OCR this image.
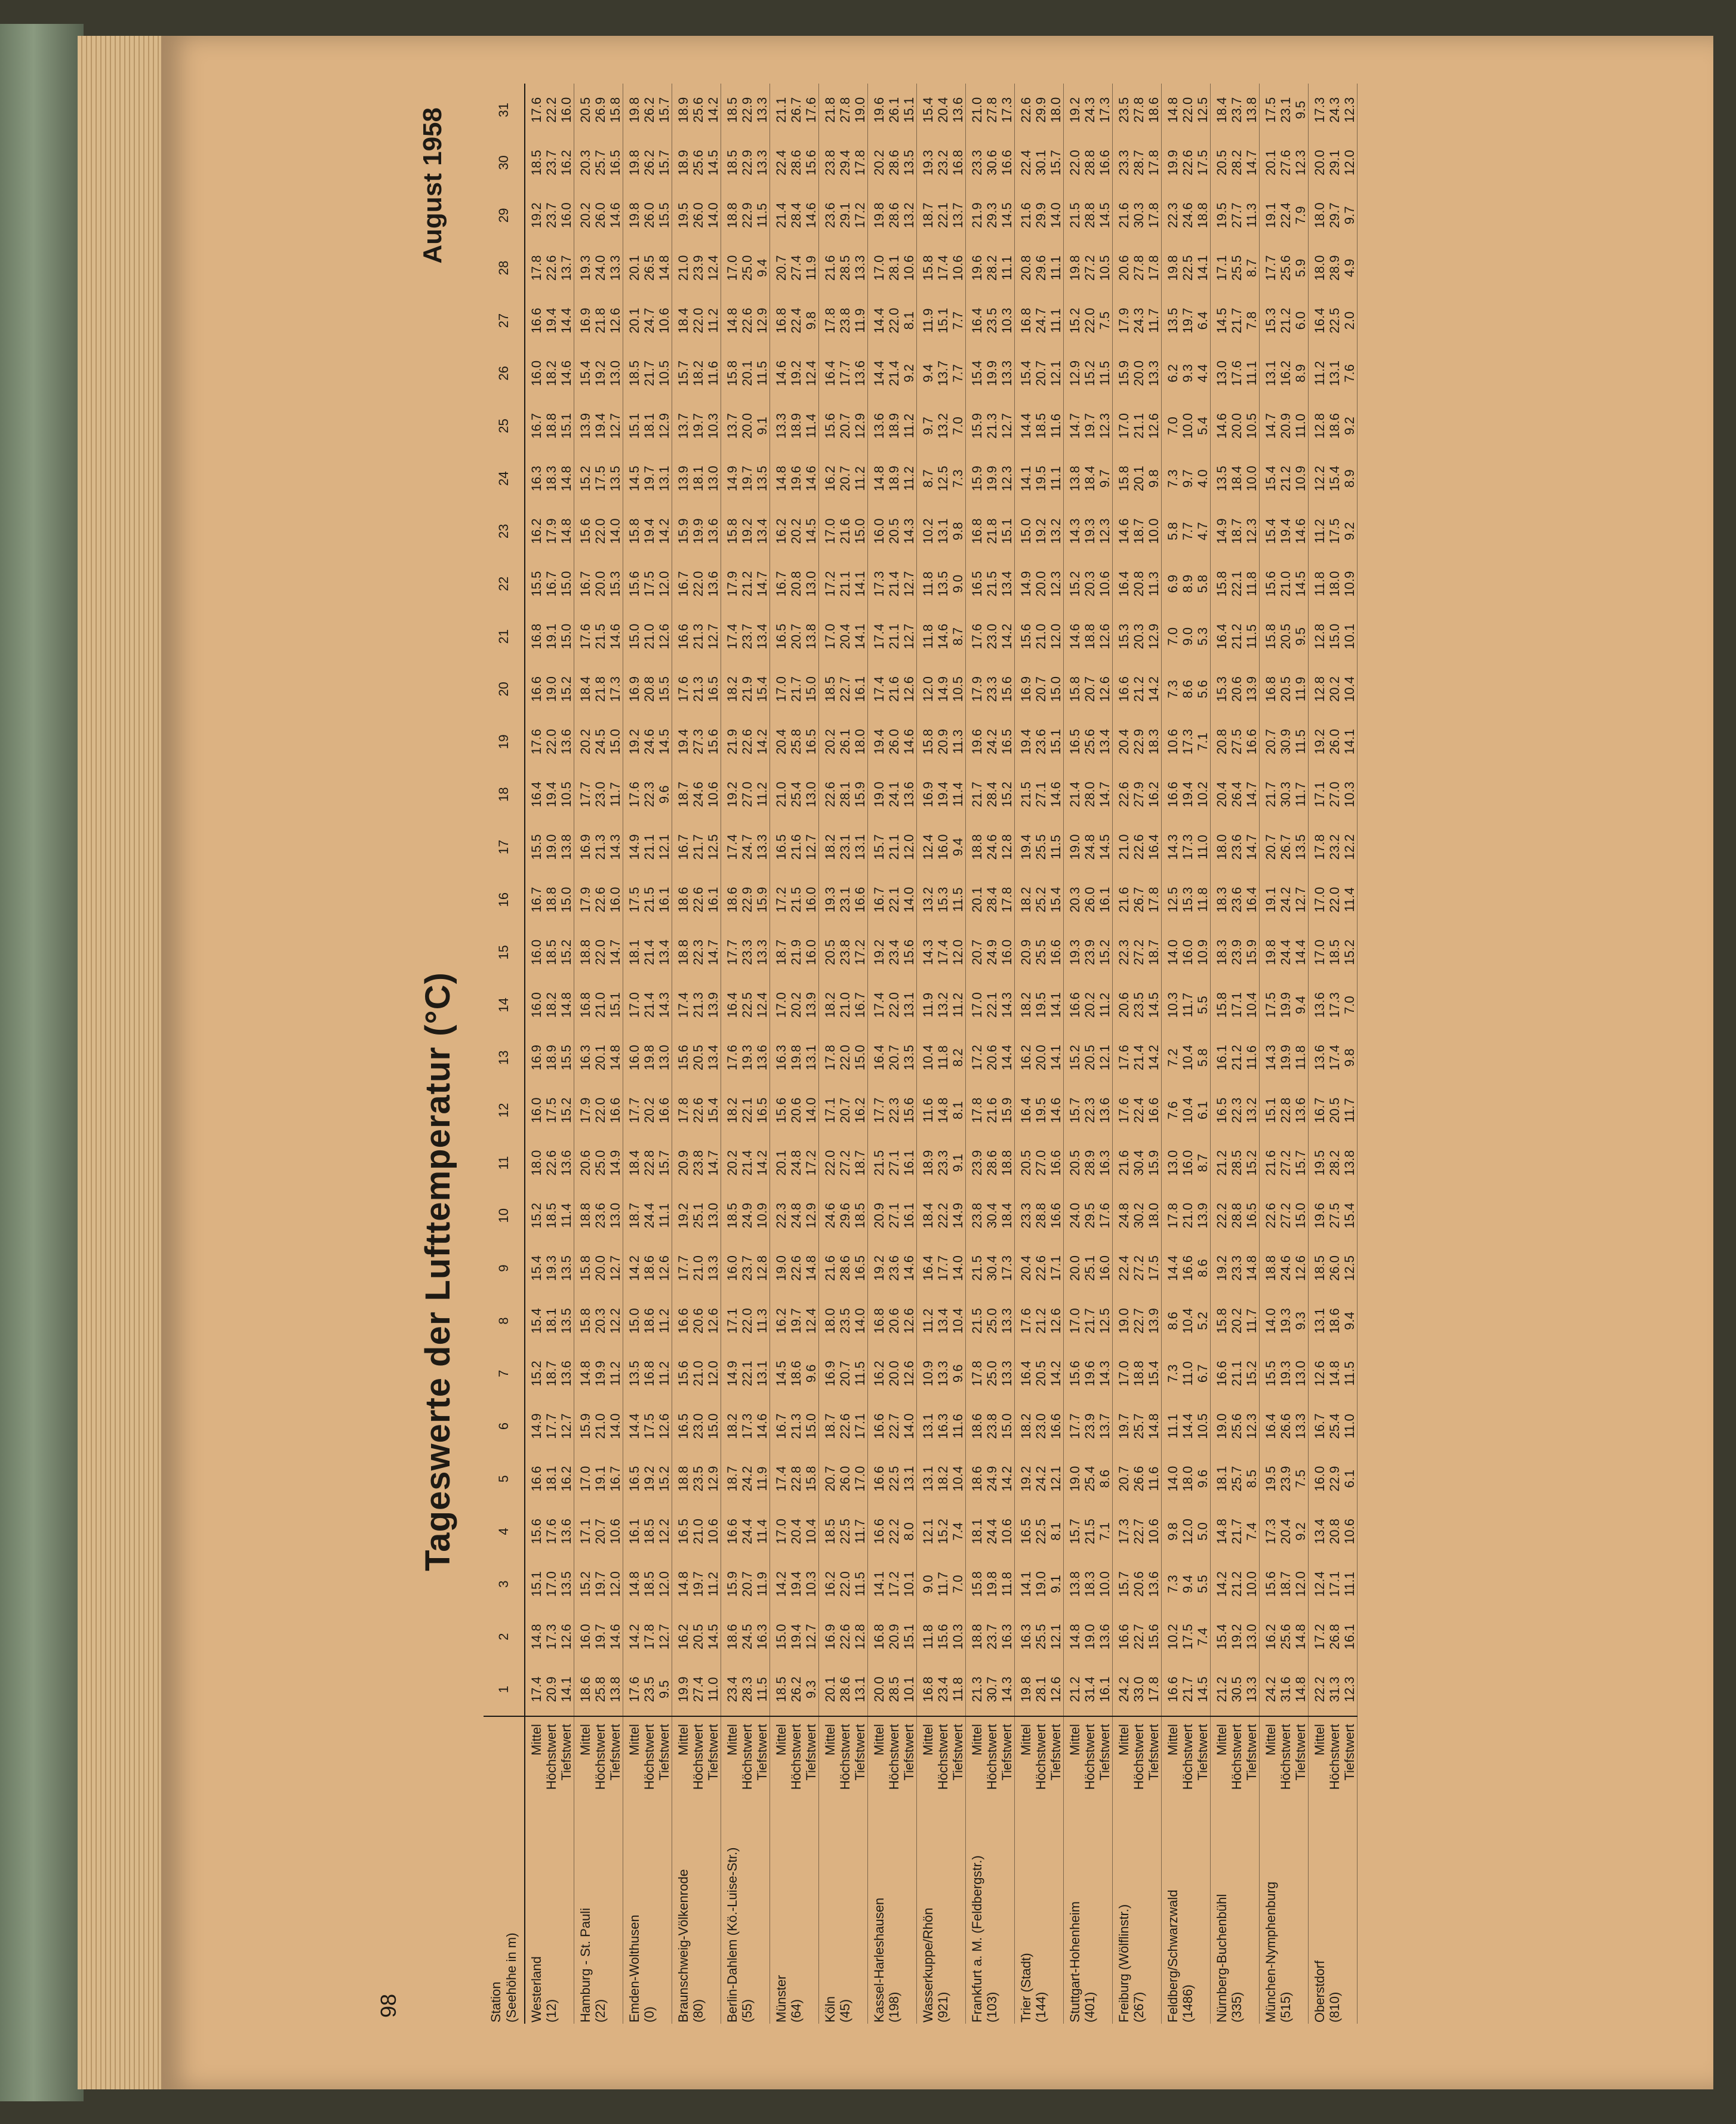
98
Tageswerte der Lufttemperatur (°C)
August 1958
Station
(Seehöhe in m)		1	2	3	4	5	6	7	8	9	10	11	12	13	14	15	16	17	18	19	20	21	22	23	24	25	26	27	28	29	30	31
Westerland	Mittel	17.4	14.8	15.1	15.6	16.6	14.9	15.2	15.4	15.4	15.2	18.0	16.0	16.9	16.0	16.0	16.7	15.5	16.4	17.6	16.6	16.8	15.5	16.2	16.3	16.7	16.0	16.6	17.8	19.2	18.5	17.6
(12)	Höchstwert	20.9	17.3	17.0	17.6	18.1	17.7	18.7	18.1	19.3	18.5	22.6	17.5	18.9	18.2	18.5	18.8	19.0	19.4	22.0	19.0	19.1	16.7	17.9	18.3	18.8	18.2	19.4	22.6	23.7	23.7	22.2
	Tiefstwert	14.1	12.6	13.5	13.6	16.2	12.7	13.6	13.5	13.5	11.4	13.6	15.2	15.5	14.8	15.2	15.0	13.8	10.5	13.6	15.2	15.0	15.0	14.8	14.8	15.1	14.6	14.4	13.7	16.0	16.2	16.0
Hamburg - St. Pauli	Mittel	18.6	16.0	15.2	17.1	17.0	15.9	14.8	15.8	15.8	18.8	20.6	17.9	16.3	16.8	18.8	17.9	16.9	17.7	20.2	18.4	17.6	16.7	15.6	15.2	13.9	15.4	16.9	19.3	20.2	20.3	20.5
(22)	Höchstwert	25.8	19.7	19.7	20.7	19.1	21.0	19.9	20.3	20.0	23.6	25.0	22.0	20.1	21.0	22.0	22.6	21.3	23.0	24.5	21.8	21.5	20.0	22.0	17.5	19.4	19.2	21.8	24.0	26.0	25.7	26.9
	Tiefstwert	13.8	14.6	12.0	10.6	16.7	14.0	11.2	12.2	12.7	13.0	14.9	16.6	14.8	15.1	14.7	16.0	14.3	11.7	15.0	17.3	14.6	15.3	14.0	13.5	12.7	13.0	12.6	13.3	14.6	16.5	15.8
Emden-Wolthusen	Mittel	17.6	14.2	14.8	16.1	16.5	14.4	13.5	15.0	14.2	18.7	18.4	17.7	16.0	17.0	18.1	17.5	14.9	17.6	19.2	16.9	15.0	15.6	15.8	14.5	15.1	18.5	20.1	20.1	19.8	19.8	19.8
(0)	Höchstwert	23.5	17.8	18.5	18.5	19.2	17.5	16.8	18.6	18.6	24.4	22.8	20.2	19.8	21.4	21.4	21.5	21.1	22.3	24.6	20.8	21.0	17.5	19.4	19.7	18.1	21.7	24.7	26.5	26.0	26.2	26.2
	Tiefstwert	9.5	12.7	12.0	12.2	15.2	12.6	11.2	11.2	12.6	11.1	15.7	16.6	13.0	14.3	13.4	16.1	12.1	9.6	14.5	15.5	12.6	12.0	14.2	13.1	12.9	10.5	10.6	14.8	15.5	15.7	15.7
Braunschweig-Völkenrode	Mittel	19.9	16.2	14.8	16.5	18.8	16.5	15.6	16.6	17.7	19.2	20.9	17.8	15.6	17.4	18.8	18.6	16.7	18.7	19.4	17.6	16.6	16.7	15.9	13.9	13.7	15.7	18.4	21.0	19.5	18.9	18.9
(80)	Höchstwert	27.4	20.5	19.7	21.0	23.5	23.0	21.0	20.6	21.0	25.1	23.8	22.6	20.5	21.3	22.3	22.6	21.7	24.6	27.3	21.3	21.3	22.0	19.9	18.1	19.7	18.2	22.0	23.9	26.0	25.6	25.6
	Tiefstwert	11.0	14.5	11.2	10.6	12.9	15.0	12.0	12.6	13.3	13.0	14.7	15.4	13.4	13.9	14.7	16.1	12.5	10.6	15.6	16.5	12.7	13.6	13.6	13.0	10.3	11.6	11.2	12.4	14.0	14.5	14.2
Berlin-Dahlem (Kö.-Luise-Str.)	Mittel	23.4	18.6	15.9	16.6	18.7	18.2	14.9	17.1	16.0	18.5	20.2	18.2	17.6	16.4	17.7	18.6	17.4	19.2	21.9	18.2	17.4	17.9	15.8	14.9	13.7	15.8	14.8	17.0	18.8	18.5	18.5
(55)	Höchstwert	28.3	24.5	20.7	24.4	24.2	17.3	22.1	22.0	23.7	24.9	21.4	22.1	19.3	22.5	23.3	22.9	24.7	27.0	22.6	21.9	23.7	21.2	19.2	19.7	20.0	20.1	22.6	25.0	22.9	22.9	22.9
	Tiefstwert	11.5	16.3	11.9	11.4	11.9	14.6	13.1	11.3	12.8	10.9	14.2	16.5	13.6	12.4	13.3	15.9	13.3	11.2	14.2	15.4	13.4	14.7	13.4	13.5	9.1	11.5	12.9	9.4	11.5	13.3	13.3
Münster	Mittel	18.5	15.0	14.2	17.0	17.4	16.7	14.5	16.2	19.0	22.3	20.1	15.6	16.3	17.0	18.7	17.2	16.5	21.0	20.4	17.0	16.5	16.7	16.2	14.8	13.3	14.6	16.8	20.7	21.4	22.4	21.1
(64)	Höchstwert	26.2	19.4	19.4	20.4	22.8	21.3	18.6	19.7	22.6	24.8	24.8	20.6	19.8	20.2	21.9	21.5	21.6	25.4	25.8	21.7	20.7	20.8	20.2	19.6	18.9	19.2	22.4	27.4	28.4	28.6	26.7
	Tiefstwert	9.3	12.7	10.3	10.4	15.8	15.0	9.6	12.4	14.8	12.9	17.2	14.0	13.1	13.9	16.0	16.0	12.7	13.0	16.5	15.0	13.8	13.0	14.5	14.6	11.4	12.4	9.8	11.9	14.6	15.6	17.6
Köln	Mittel	20.1	16.9	16.2	18.5	20.7	18.7	16.9	18.0	21.6	24.6	22.0	17.1	17.8	18.2	20.5	19.3	18.2	22.6	20.2	18.5	17.0	17.2	17.0	16.2	15.6	16.4	17.8	21.6	23.6	23.8	21.8
(45)	Höchstwert	28.6	22.6	22.0	22.5	26.0	22.6	20.7	23.5	28.6	29.6	27.2	20.7	22.0	21.0	23.8	23.1	23.1	28.1	26.1	22.7	20.4	21.1	21.6	20.7	20.7	17.7	23.8	28.5	29.1	29.4	27.8
	Tiefstwert	13.1	12.8	11.5	11.7	17.0	17.1	11.5	14.0	16.5	18.5	18.7	16.2	15.0	16.7	17.2	16.6	13.1	15.9	18.0	16.1	14.1	14.1	15.0	11.2	12.9	13.6	11.9	13.3	17.2	17.8	19.0
Kassel-Harleshausen	Mittel	20.0	16.8	14.1	16.6	16.6	16.6	16.2	16.8	19.2	20.9	21.5	17.7	16.4	17.4	19.2	16.7	15.7	19.0	19.4	17.4	17.4	17.3	16.0	14.8	13.6	14.4	14.4	17.0	19.8	20.2	19.6
(198)	Höchstwert	28.5	20.9	17.2	22.2	22.5	22.7	20.0	20.6	23.6	27.1	27.1	22.3	20.7	22.0	23.4	22.1	21.1	24.1	26.0	21.6	21.1	21.4	20.5	18.9	18.9	21.4	22.0	28.1	28.6	28.6	26.1
	Tiefstwert	10.1	15.1	10.1	8.0	13.1	14.0	12.6	12.6	14.6	16.1	16.1	15.6	13.5	13.1	15.6	14.0	12.0	13.6	14.6	12.6	12.7	12.7	14.3	11.2	11.2	9.2	8.1	10.6	13.2	13.5	15.1
Wasserkuppe/Rhön	Mittel	16.8	11.8	9.0	12.1	13.1	13.1	10.9	11.2	16.4	18.4	18.9	11.6	10.4	11.9	14.3	13.2	12.4	16.9	15.8	12.0	11.8	11.8	10.2	8.7	9.7	9.4	11.9	15.8	18.7	19.3	15.4
(921)	Höchstwert	23.4	15.6	11.7	15.2	18.2	16.3	13.3	13.4	17.7	22.2	23.3	14.8	11.8	13.2	17.4	15.3	16.0	19.4	20.9	14.9	14.6	13.5	13.1	12.5	13.2	13.7	15.1	17.4	22.1	23.2	20.4
	Tiefstwert	11.8	10.3	7.0	7.4	10.4	11.6	9.6	10.4	14.0	14.9	9.1	8.1	8.2	11.2	12.0	11.5	9.4	11.4	11.3	10.5	8.7	9.0	9.8	7.3	7.0	7.7	7.7	10.6	13.7	16.8	13.6
Frankfurt a. M. (Feldbergstr.)	Mittel	21.3	18.8	15.8	18.1	18.6	18.6	17.8	21.5	21.5	23.8	23.9	17.8	17.2	17.0	20.7	20.1	18.8	21.7	19.6	17.9	17.6	16.5	16.8	15.9	15.9	15.4	16.4	19.6	21.9	23.3	21.0
(103)	Höchstwert	30.7	23.7	19.8	24.4	24.9	23.8	25.0	25.0	30.4	30.4	28.6	21.6	20.6	22.1	24.9	28.4	24.6	28.4	24.2	23.3	23.0	21.5	21.8	19.9	21.3	19.9	23.5	28.2	29.3	30.6	27.8
	Tiefstwert	14.3	16.3	11.8	10.6	14.2	15.0	13.3	13.3	17.3	18.4	18.8	15.9	14.4	14.3	16.0	17.8	12.8	15.2	16.5	15.6	14.2	13.4	15.1	12.3	12.7	13.3	10.3	11.1	14.5	16.6	17.3
Trier (Stadt)	Mittel	19.8	16.3	14.1	16.5	19.2	18.2	16.4	17.6	20.4	23.3	20.5	16.4	16.2	18.2	20.9	18.2	19.4	21.5	19.4	16.9	15.6	14.9	15.0	14.1	14.4	15.4	16.8	20.8	21.6	22.4	22.6
(144)	Höchstwert	28.1	25.5	19.0	22.5	24.2	23.0	20.5	21.2	22.6	28.8	27.0	19.5	20.0	19.5	25.5	25.2	25.5	27.1	23.6	20.7	21.0	20.0	19.2	19.5	18.5	20.7	24.7	29.6	29.9	30.1	29.9
	Tiefstwert	12.6	12.1	9.1	8.1	12.1	16.6	14.2	12.6	17.1	16.6	16.6	14.6	14.1	14.1	16.6	15.4	11.5	14.6	15.1	15.0	12.0	12.3	13.2	11.1	11.6	12.1	11.1	11.1	14.0	15.7	18.0
Stuttgart-Hohenheim	Mittel	21.2	14.8	13.8	15.7	19.0	17.7	15.6	17.0	20.0	24.0	20.5	15.7	15.2	16.6	19.3	20.3	19.0	21.4	16.5	15.8	14.6	15.2	14.3	13.8	14.7	12.9	15.2	19.8	21.5	22.0	19.2
(401)	Höchstwert	31.4	19.0	18.3	21.5	25.4	23.9	19.6	21.7	25.1	29.5	28.9	22.3	20.5	20.2	23.9	26.0	24.8	28.0	25.6	20.7	18.8	20.3	19.3	18.4	19.7	15.2	22.0	27.2	28.8	28.8	24.3
	Tiefstwert	16.1	13.6	10.0	7.1	8.6	13.7	14.3	12.5	16.0	17.6	16.3	13.6	12.1	11.2	15.2	16.1	14.5	14.7	13.4	12.6	12.6	10.6	12.3	9.7	12.3	11.5	7.5	10.5	14.5	16.6	17.3
Freiburg (Wölflinstr.)	Mittel	24.2	16.6	15.7	17.3	20.7	19.7	17.0	19.0	22.4	24.8	21.6	17.6	17.6	20.6	22.3	21.6	21.0	22.6	20.4	16.6	15.3	16.4	14.6	15.8	17.0	15.9	17.9	20.6	21.6	23.3	23.5
(267)	Höchstwert	33.0	22.7	20.6	22.7	26.6	25.7	18.8	22.7	27.2	30.2	30.4	22.4	21.4	23.5	27.2	26.7	22.6	27.9	22.9	21.2	20.3	20.8	18.7	20.1	21.1	20.0	24.3	27.8	30.3	28.7	27.8
	Tiefstwert	17.8	15.6	13.6	10.6	11.6	14.8	15.4	13.9	17.5	18.0	15.9	16.6	14.2	14.5	18.7	17.8	16.4	16.2	18.3	14.2	12.9	11.3	10.0	9.8	12.6	13.3	11.7	17.8	17.8	17.8	18.6
Feldberg/Schwarzwald	Mittel	16.6	10.2	7.3	9.8	14.0	11.1	7.3	8.6	14.4	17.8	13.0	7.6	7.2	10.3	14.0	12.5	14.3	16.6	10.6	7.3	7.0	6.9	5.8	7.3	7.0	6.2	13.5	19.8	22.3	19.9	14.8
(1486)	Höchstwert	21.7	17.5	9.4	12.0	18.0	14.4	11.0	10.4	16.6	21.0	16.0	10.4	10.4	11.7	16.0	15.3	17.3	19.4	17.3	8.6	9.0	8.9	7.7	9.7	10.0	9.3	19.7	22.5	24.6	22.6	22.0
	Tiefstwert	14.5	7.4	5.5	5.0	9.6	10.5	6.7	5.2	8.6	13.9	8.7	6.1	5.8	5.5	10.9	11.8	11.0	10.2	7.1	5.6	5.3	5.8	4.7	4.0	5.4	4.4	6.4	14.1	18.8	17.5	12.5
Nürnberg-Buchenbühl	Mittel	21.2	15.4	14.2	14.8	18.1	19.0	16.6	15.8	19.2	22.2	21.2	16.5	16.1	15.8	18.3	18.3	18.0	20.4	20.8	15.3	16.4	15.8	14.9	13.5	14.6	13.0	14.5	17.1	19.5	20.5	18.4
(335)	Höchstwert	30.5	19.2	21.2	21.7	25.7	25.6	21.1	20.2	23.3	28.8	28.5	22.3	21.2	17.1	23.9	23.6	23.6	26.4	27.5	20.6	21.2	22.1	18.7	18.4	20.0	17.6	21.7	25.5	27.7	28.2	23.7
	Tiefstwert	13.3	13.0	10.0	7.4	8.5	12.3	15.2	11.7	14.8	16.5	15.2	13.2	11.6	10.4	15.9	16.4	14.7	14.7	16.6	13.9	11.5	11.8	12.3	10.0	10.5	11.1	7.8	8.7	11.3	14.7	13.8
München-Nymphenburg	Mittel	24.2	16.2	15.6	17.3	19.5	16.4	15.5	14.0	18.8	22.6	21.6	15.1	14.3	17.5	19.8	19.1	20.7	21.7	20.7	16.8	15.8	15.6	15.4	15.4	14.7	13.1	15.3	17.7	19.1	20.1	17.5
(515)	Höchstwert	31.6	25.6	18.7	20.4	23.9	26.6	19.3	19.3	24.6	27.2	27.2	22.8	19.9	19.9	24.4	24.2	26.7	30.3	30.9	20.5	20.5	21.0	19.4	21.2	20.9	16.2	21.2	25.6	22.4	27.6	23.1
	Tiefstwert	14.8	14.8	12.0	9.2	7.5	13.3	13.0	9.3	12.6	15.0	15.7	13.6	11.8	9.4	14.4	12.7	13.5	11.7	11.5	11.9	9.5	14.5	14.6	10.9	11.0	8.9	6.0	5.9	7.9	12.3	9.5
Oberstdorf	Mittel	22.2	17.2	12.4	13.4	16.0	16.7	12.6	13.1	18.5	19.6	19.5	16.7	13.6	13.6	17.0	17.0	17.8	17.1	19.2	12.8	12.8	11.8	11.2	12.2	12.8	11.2	16.4	18.0	18.0	20.0	17.3
(810)	Höchstwert	31.3	26.8	17.1	20.8	22.9	25.4	14.8	18.6	26.0	27.5	28.2	20.5	17.4	17.3	18.5	22.0	23.2	27.0	26.0	20.2	15.0	18.0	17.5	15.4	18.6	13.1	22.5	28.9	29.7	29.1	24.3
	Tiefstwert	12.3	16.1	11.1	10.6	6.1	11.0	11.5	9.4	12.5	15.4	13.8	11.7	9.8	7.0	15.2	11.4	12.2	10.3	14.1	10.4	10.1	10.9	9.2	8.9	9.2	7.6	2.0	4.9	9.7	12.0	12.3
